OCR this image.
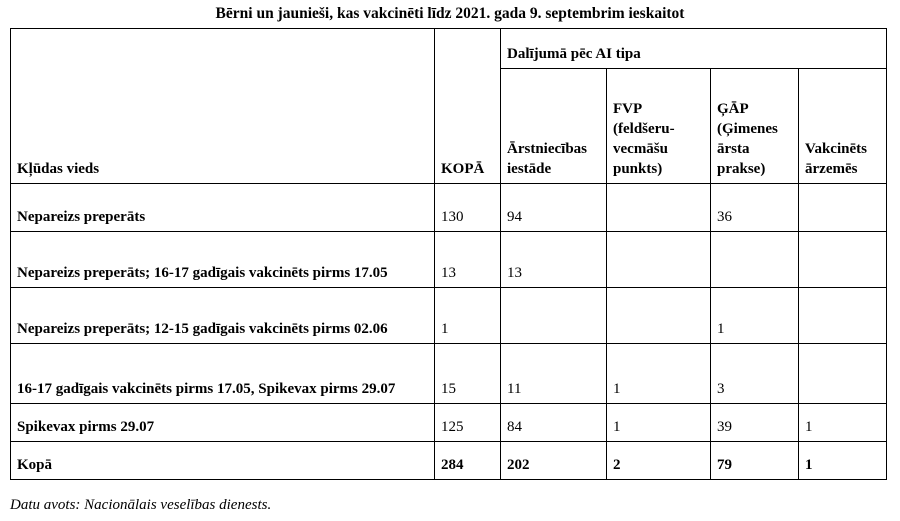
Bērni un jaunieši, kas vakcinēti līdz 2021. gada 9. septembrim ieskaitot
Kļūdas vieds	KOPĀ	Dalījumā pēc AI tipa			
		Ārstniecības iestāde	FVP (feldšeru-vecmāšu punkts)	ĢĀP (Ģimenes ārsta prakse)	Vakcinēts ārzemēs
Nepareizs preperāts	130	94		36	
Nepareizs preperāts; 16-17 gadīgais vakcinēts pirms 17.05	13	13			
Nepareizs preperāts; 12-15 gadīgais vakcinēts pirms 02.06	1			1	
16-17 gadīgais vakcinēts pirms 17.05, Spikevax pirms 29.07	15	11	1	3	
Spikevax pirms 29.07	125	84	1	39	1
Kopā	284	202	2	79	1
Datu avots: Nacionālais veselības dienests.
